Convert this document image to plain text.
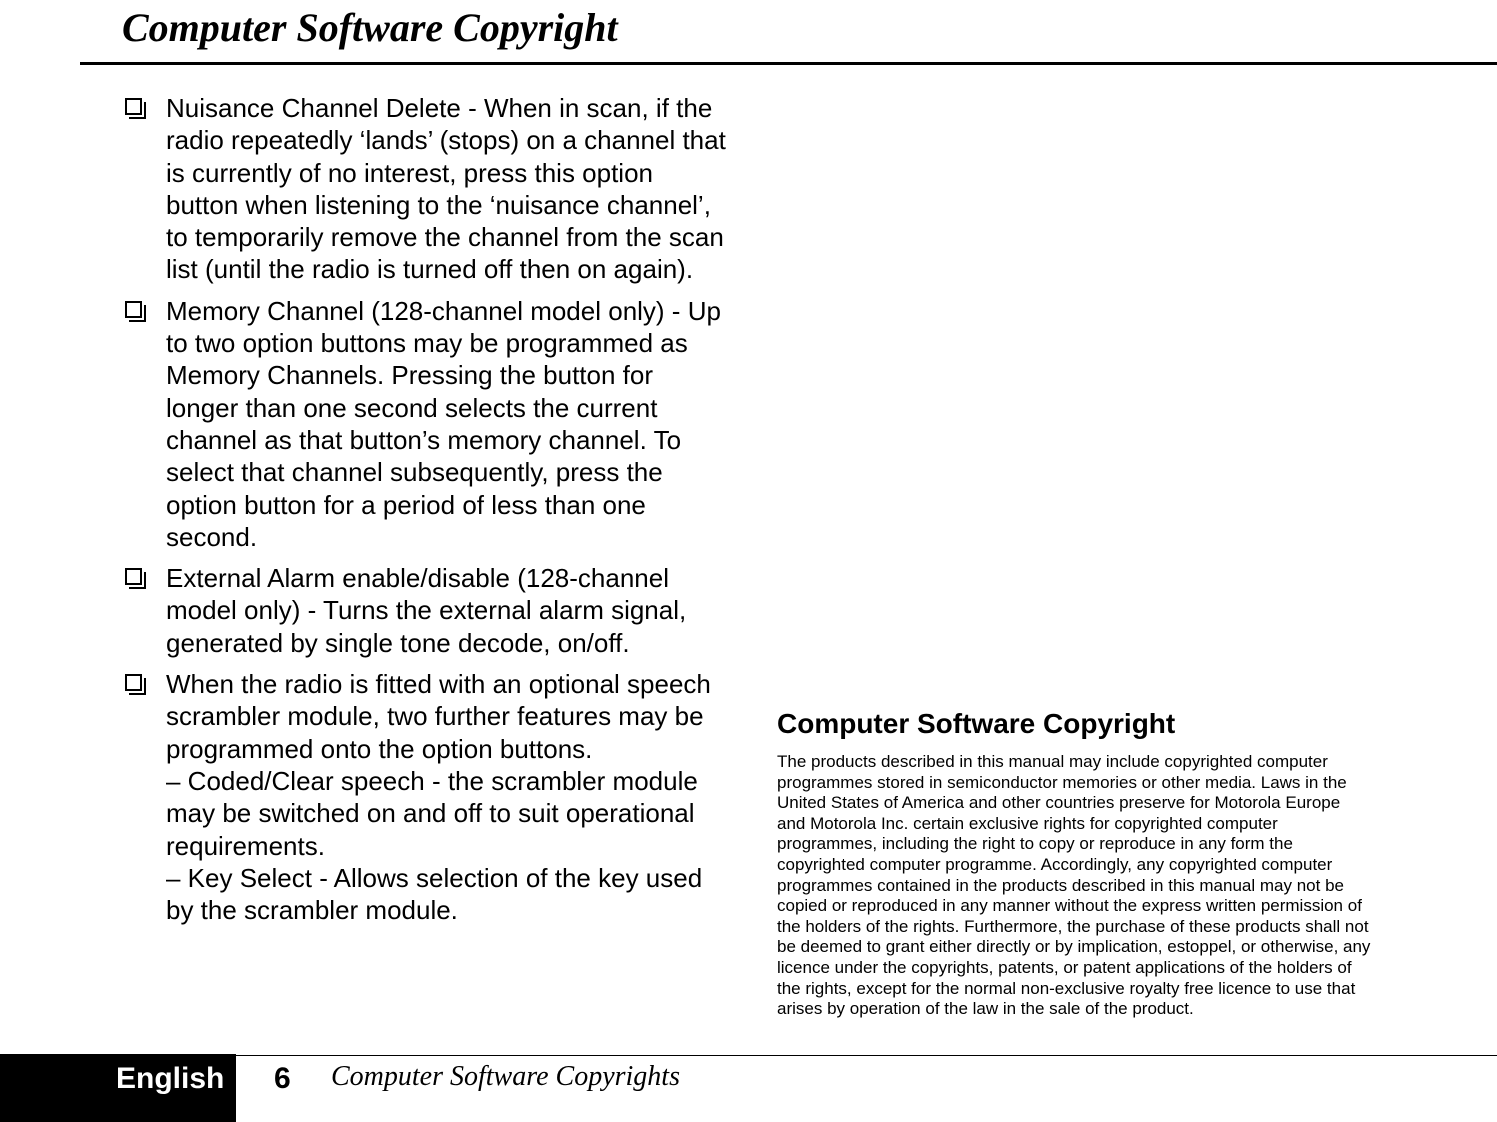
Computer Software Copyright
Nuisance Channel Delete - When in scan, if the
radio repeatedly ‘lands’ (stops) on a channel that
is currently of no interest, press this option
button when listening to the ‘nuisance channel’,
to temporarily remove the channel from the scan
list (until the radio is turned off then on again).
Memory Channel (128-channel model only) - Up
to two option buttons may be programmed as
Memory Channels. Pressing the button for
longer than one second selects the current
channel as that button’s memory channel. To
select that channel subsequently, press the
option button for a period of less than one
second.
External Alarm enable/disable (128-channel
model only) - Turns the external alarm signal,
generated by single tone decode, on/off.
When the radio is fitted with an optional speech
scrambler module, two further features may be
programmed onto the option buttons.
– Coded/Clear speech - the scrambler module
may be switched on and off to suit operational
requirements.
– Key Select - Allows selection of the key used
by the scrambler module.
Computer Software Copyright
The products described in this manual may include copyrighted computer
programmes stored in semiconductor memories or other media. Laws in the
United States of America and other countries preserve for Motorola Europe
and Motorola Inc. certain exclusive rights for copyrighted computer
programmes, including the right to copy or reproduce in any form the
copyrighted computer programme. Accordingly, any copyrighted computer
programmes contained in the products described in this manual may not be
copied or reproduced in any manner without the express written permission of
the holders of the rights. Furthermore, the purchase of these products shall not
be deemed to grant either directly or by implication, estoppel, or otherwise, any
licence under the copyrights, patents, or patent applications of the holders of
the rights, except for the normal non-exclusive royalty free licence to use that
arises by operation of the law in the sale of the product.
English 6 Computer Software Copyrights
